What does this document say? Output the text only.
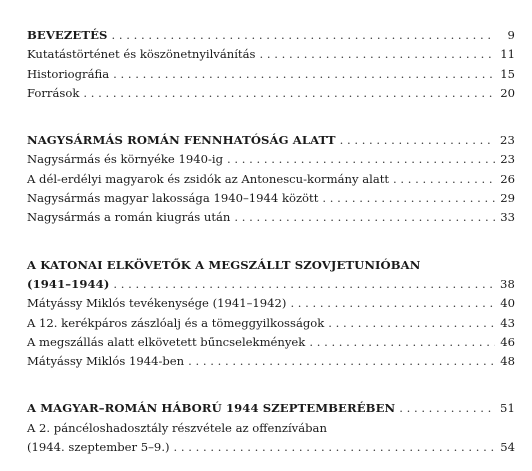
BEVEZETÉS . . .	9
Kutatástörténet és köszönetnyilvánítás . . .	11
Historiográfia . . .	15
Források . . .	20
NAGYSÁRMÁS ROMÁN FENNHATÓSÁG ALATT . . .	23
Nagysármás és környéke 1940-ig . . .	23
A dél-erdélyi magyarok és zsidók az Antonescu-kormány alatt . . .	26
Nagysármás magyar lakossága 1940–1944 között . . .	29
Nagysármás a román kiugrás után . . .	33
A KATONAI ELKÖVETŐK A MEGSZÁLLT SZOVJETUNIÓBAN
(1941–1944) . . .	38
Mátyássy Miklós tevékenysége (1941–1942) . . .	40
A 12. kerékpáros zászlóalj és a tömeggyilkosságok . . .	43
A megszállás alatt elkövetett bűncselekmények . . .	46
Mátyássy Miklós 1944-ben . . .	48
A MAGYAR–ROMÁN HÁBORÚ 1944 SZEPTEMBERÉBEN . . .	51
A 2. páncéloshadosztály részvétele az offenzívában
(1944. szeptember 5–9.) . . .	54
